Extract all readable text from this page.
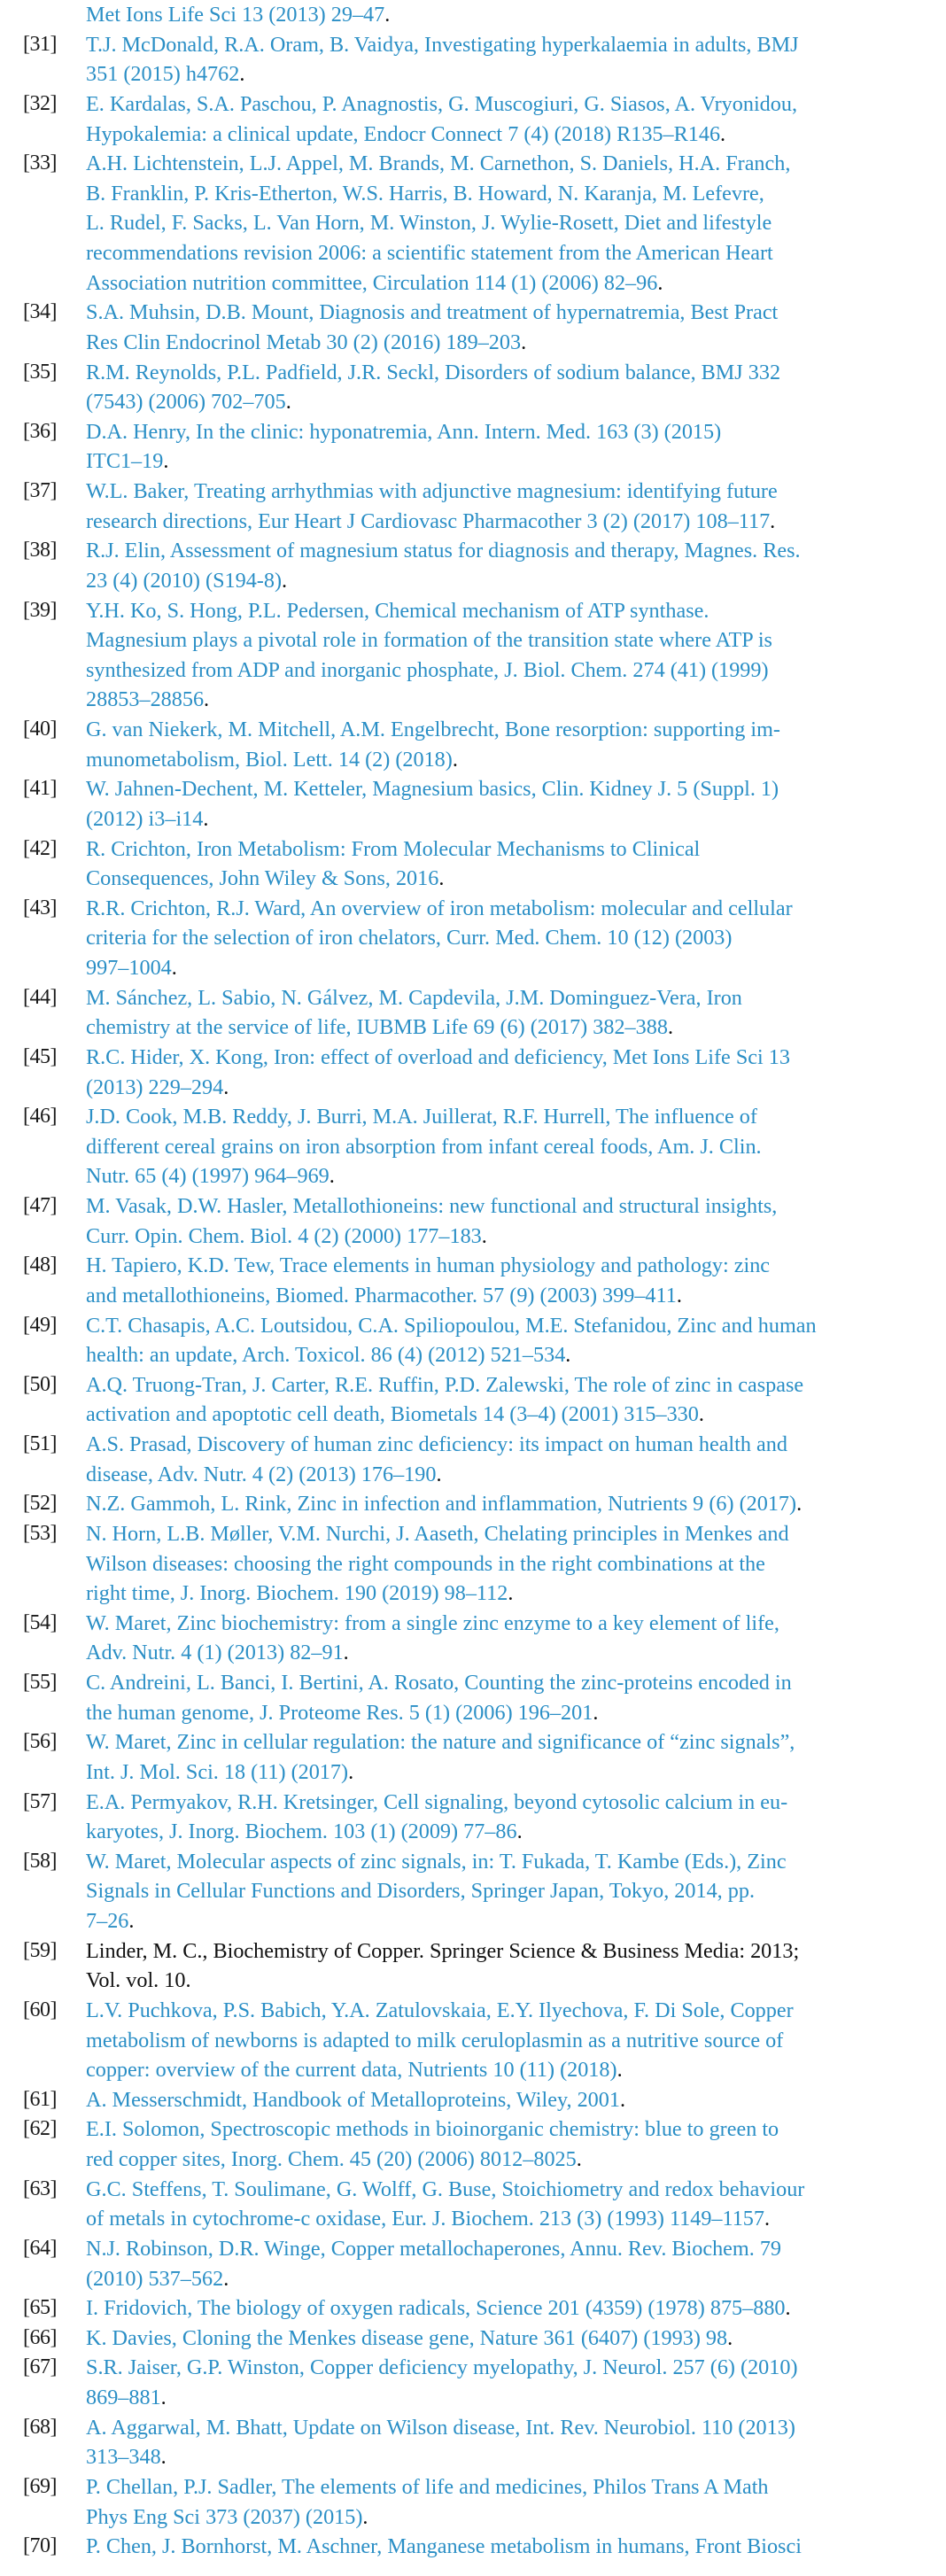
Met Ions Life Sci 13 (2013) 29–47.
[31] T.J. McDonald, R.A. Oram, B. Vaidya, Investigating hyperkalaemia in adults, BMJ
351 (2015) h4762.
[32] E. Kardalas, S.A. Paschou, P. Anagnostis, G. Muscogiuri, G. Siasos, A. Vryonidou,
Hypokalemia: a clinical update, Endocr Connect 7 (4) (2018) R135–R146.
[33] A.H. Lichtenstein, L.J. Appel, M. Brands, M. Carnethon, S. Daniels, H.A. Franch,
B. Franklin, P. Kris-Etherton, W.S. Harris, B. Howard, N. Karanja, M. Lefevre,
L. Rudel, F. Sacks, L. Van Horn, M. Winston, J. Wylie-Rosett, Diet and lifestyle
recommendations revision 2006: a scientific statement from the American Heart
Association nutrition committee, Circulation 114 (1) (2006) 82–96.
[34] S.A. Muhsin, D.B. Mount, Diagnosis and treatment of hypernatremia, Best Pract
Res Clin Endocrinol Metab 30 (2) (2016) 189–203.
[35] R.M. Reynolds, P.L. Padfield, J.R. Seckl, Disorders of sodium balance, BMJ 332
(7543) (2006) 702–705.
[36] D.A. Henry, In the clinic: hyponatremia, Ann. Intern. Med. 163 (3) (2015)
ITC1–19.
[37] W.L. Baker, Treating arrhythmias with adjunctive magnesium: identifying future
research directions, Eur Heart J Cardiovasc Pharmacother 3 (2) (2017) 108–117.
[38] R.J. Elin, Assessment of magnesium status for diagnosis and therapy, Magnes. Res.
23 (4) (2010) (S194-8).
[39] Y.H. Ko, S. Hong, P.L. Pedersen, Chemical mechanism of ATP synthase.
Magnesium plays a pivotal role in formation of the transition state where ATP is
synthesized from ADP and inorganic phosphate, J. Biol. Chem. 274 (41) (1999)
28853–28856.
[40] G. van Niekerk, M. Mitchell, A.M. Engelbrecht, Bone resorption: supporting im-
munometabolism, Biol. Lett. 14 (2) (2018).
[41] W. Jahnen-Dechent, M. Ketteler, Magnesium basics, Clin. Kidney J. 5 (Suppl. 1)
(2012) i3–i14.
[42] R. Crichton, Iron Metabolism: From Molecular Mechanisms to Clinical
Consequences, John Wiley & Sons, 2016.
[43] R.R. Crichton, R.J. Ward, An overview of iron metabolism: molecular and cellular
criteria for the selection of iron chelators, Curr. Med. Chem. 10 (12) (2003)
997–1004.
[44] M. Sánchez, L. Sabio, N. Gálvez, M. Capdevila, J.M. Dominguez-Vera, Iron
chemistry at the service of life, IUBMB Life 69 (6) (2017) 382–388.
[45] R.C. Hider, X. Kong, Iron: effect of overload and deficiency, Met Ions Life Sci 13
(2013) 229–294.
[46] J.D. Cook, M.B. Reddy, J. Burri, M.A. Juillerat, R.F. Hurrell, The influence of
different cereal grains on iron absorption from infant cereal foods, Am. J. Clin.
Nutr. 65 (4) (1997) 964–969.
[47] M. Vasak, D.W. Hasler, Metallothioneins: new functional and structural insights,
Curr. Opin. Chem. Biol. 4 (2) (2000) 177–183.
[48] H. Tapiero, K.D. Tew, Trace elements in human physiology and pathology: zinc
and metallothioneins, Biomed. Pharmacother. 57 (9) (2003) 399–411.
[49] C.T. Chasapis, A.C. Loutsidou, C.A. Spiliopoulou, M.E. Stefanidou, Zinc and human
health: an update, Arch. Toxicol. 86 (4) (2012) 521–534.
[50] A.Q. Truong-Tran, J. Carter, R.E. Ruffin, P.D. Zalewski, The role of zinc in caspase
activation and apoptotic cell death, Biometals 14 (3–4) (2001) 315–330.
[51] A.S. Prasad, Discovery of human zinc deficiency: its impact on human health and
disease, Adv. Nutr. 4 (2) (2013) 176–190.
[52] N.Z. Gammoh, L. Rink, Zinc in infection and inflammation, Nutrients 9 (6) (2017).
[53] N. Horn, L.B. Møller, V.M. Nurchi, J. Aaseth, Chelating principles in Menkes and
Wilson diseases: choosing the right compounds in the right combinations at the
right time, J. Inorg. Biochem. 190 (2019) 98–112.
[54] W. Maret, Zinc biochemistry: from a single zinc enzyme to a key element of life,
Adv. Nutr. 4 (1) (2013) 82–91.
[55] C. Andreini, L. Banci, I. Bertini, A. Rosato, Counting the zinc-proteins encoded in
the human genome, J. Proteome Res. 5 (1) (2006) 196–201.
[56] W. Maret, Zinc in cellular regulation: the nature and significance of “zinc signals”,
Int. J. Mol. Sci. 18 (11) (2017).
[57] E.A. Permyakov, R.H. Kretsinger, Cell signaling, beyond cytosolic calcium in eu-
karyotes, J. Inorg. Biochem. 103 (1) (2009) 77–86.
[58] W. Maret, Molecular aspects of zinc signals, in: T. Fukada, T. Kambe (Eds.), Zinc
Signals in Cellular Functions and Disorders, Springer Japan, Tokyo, 2014, pp.
7–26.
[59] Linder, M. C., Biochemistry of Copper. Springer Science & Business Media: 2013;
Vol. vol. 10.
[60] L.V. Puchkova, P.S. Babich, Y.A. Zatulovskaia, E.Y. Ilyechova, F. Di Sole, Copper
metabolism of newborns is adapted to milk ceruloplasmin as a nutritive source of
copper: overview of the current data, Nutrients 10 (11) (2018).
[61] A. Messerschmidt, Handbook of Metalloproteins, Wiley, 2001.
[62] E.I. Solomon, Spectroscopic methods in bioinorganic chemistry: blue to green to
red copper sites, Inorg. Chem. 45 (20) (2006) 8012–8025.
[63] G.C. Steffens, T. Soulimane, G. Wolff, G. Buse, Stoichiometry and redox behaviour
of metals in cytochrome-c oxidase, Eur. J. Biochem. 213 (3) (1993) 1149–1157.
[64] N.J. Robinson, D.R. Winge, Copper metallochaperones, Annu. Rev. Biochem. 79
(2010) 537–562.
[65] I. Fridovich, The biology of oxygen radicals, Science 201 (4359) (1978) 875–880.
[66] K. Davies, Cloning the Menkes disease gene, Nature 361 (6407) (1993) 98.
[67] S.R. Jaiser, G.P. Winston, Copper deficiency myelopathy, J. Neurol. 257 (6) (2010)
869–881.
[68] A. Aggarwal, M. Bhatt, Update on Wilson disease, Int. Rev. Neurobiol. 110 (2013)
313–348.
[69] P. Chellan, P.J. Sadler, The elements of life and medicines, Philos Trans A Math
Phys Eng Sci 373 (2037) (2015).
[70] P. Chen, J. Bornhorst, M. Aschner, Manganese metabolism in humans, Front Biosci
